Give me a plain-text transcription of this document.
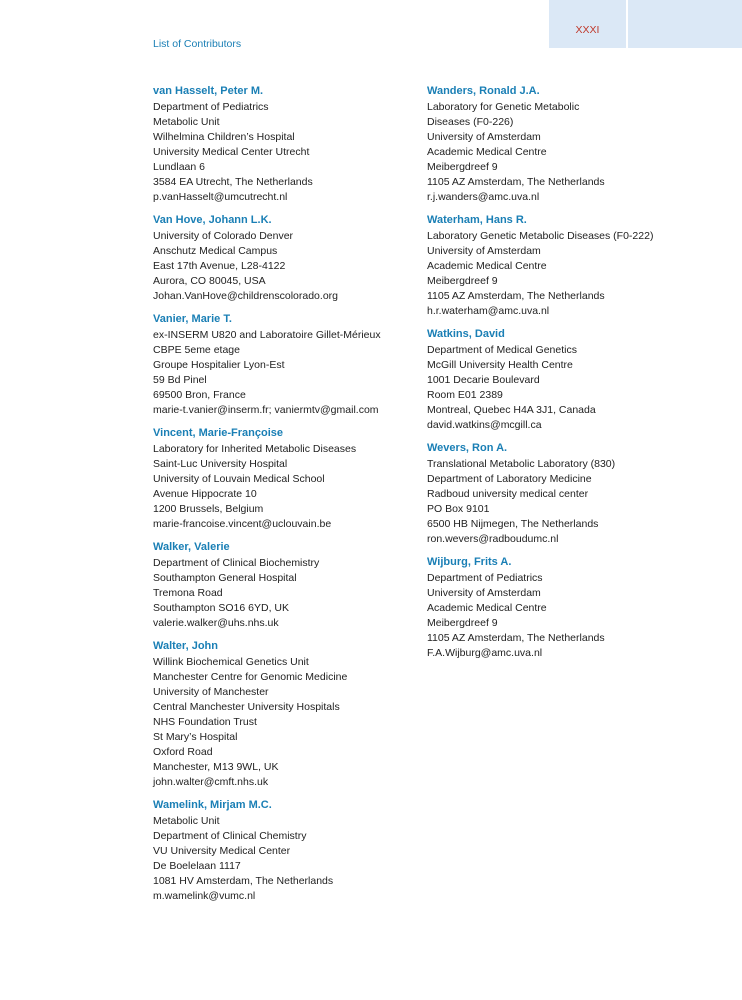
XXXI
List of Contributors
van Hasselt, Peter M.
Department of Pediatrics
Metabolic Unit
Wilhelmina Children’s Hospital
University Medical Center Utrecht
Lundlaan 6
3584 EA Utrecht, The Netherlands
p.vanHasselt@umcutrecht.nl
Van Hove, Johann L.K.
University of Colorado Denver
Anschutz Medical Campus
East 17th Avenue, L28-4122
Aurora, CO 80045, USA
Johan.VanHove@childrenscolorado.org
Vanier, Marie T.
ex-INSERM U820 and Laboratoire Gillet-Mérieux
CBPE 5eme etage
Groupe Hospitalier Lyon-Est
59 Bd Pinel
69500 Bron, France
marie-t.vanier@inserm.fr; vaniermtv@gmail.com
Vincent, Marie-Françoise
Laboratory for Inherited Metabolic Diseases
Saint-Luc University Hospital
University of Louvain Medical School
Avenue Hippocrate 10
1200 Brussels, Belgium
marie-francoise.vincent@uclouvain.be
Walker, Valerie
Department of Clinical Biochemistry
Southampton General Hospital
Tremona Road
Southampton SO16 6YD, UK
valerie.walker@uhs.nhs.uk
Walter, John
Willink Biochemical Genetics Unit
Manchester Centre for Genomic Medicine
University of Manchester
Central Manchester University Hospitals
NHS Foundation Trust
St Mary’s Hospital
Oxford Road
Manchester, M13 9WL, UK
john.walter@cmft.nhs.uk
Wamelink, Mirjam M.C.
Metabolic Unit
Department of Clinical Chemistry
VU University Medical Center
De Boelelaan 1117
1081 HV Amsterdam, The Netherlands
m.wamelink@vumc.nl
Wanders, Ronald J.A.
Laboratory for Genetic Metabolic
Diseases (F0-226)
University of Amsterdam
Academic Medical Centre
Meibergdreef 9
1105 AZ Amsterdam, The Netherlands
r.j.wanders@amc.uva.nl
Waterham, Hans R.
Laboratory Genetic Metabolic Diseases (F0-222)
University of Amsterdam
Academic Medical Centre
Meibergdreef 9
1105 AZ Amsterdam, The Netherlands
h.r.waterham@amc.uva.nl
Watkins, David
Department of Medical Genetics
McGill University Health Centre
1001 Decarie Boulevard
Room E01 2389
Montreal, Quebec H4A 3J1, Canada
david.watkins@mcgill.ca
Wevers, Ron A.
Translational Metabolic Laboratory (830)
Department of Laboratory Medicine
Radboud university medical center
PO Box 9101
6500 HB Nijmegen, The Netherlands
ron.wevers@radboudumc.nl
Wijburg, Frits A.
Department of Pediatrics
University of Amsterdam
Academic Medical Centre
Meibergdreef 9
1105 AZ Amsterdam, The Netherlands
F.A.Wijburg@amc.uva.nl
